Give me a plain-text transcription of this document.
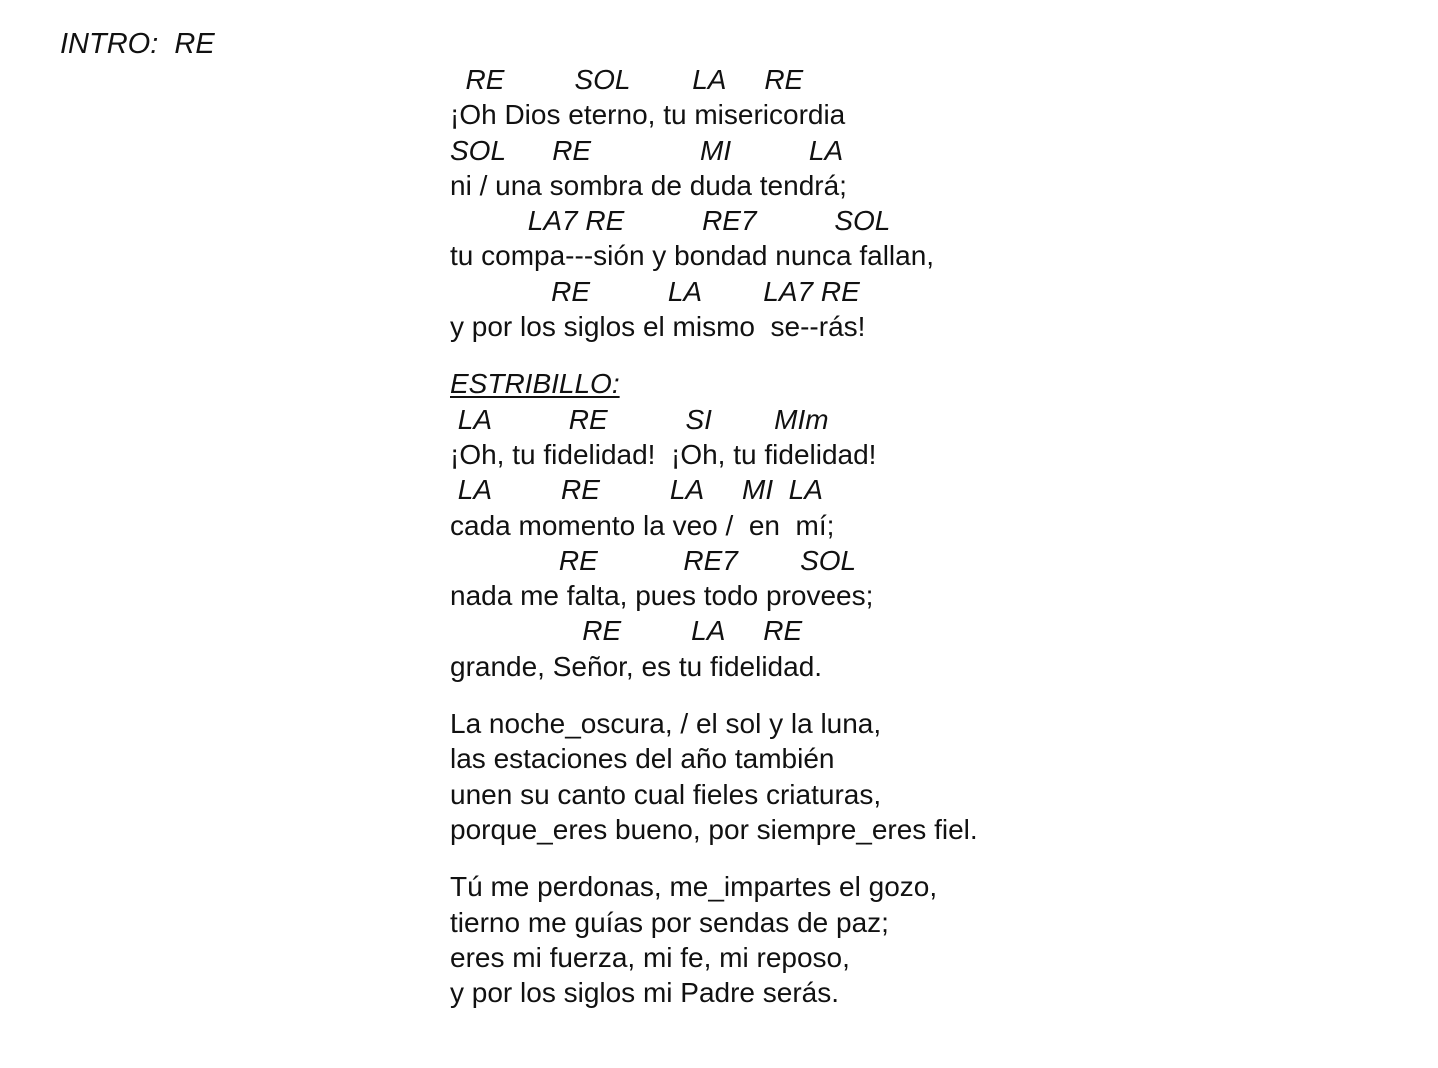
INTRO:  RE
RE         SOL        LA     RE
¡Oh Dios eterno, tu misericordia
SOL      RE              MI          LA
ni / una sombra de duda tendrá;
LA7 RE          RE7          SOL
tu compa---sión y bondad nunca fallan,
RE          LA        LA7 RE
y por los siglos el mismo  se--rás!
ESTRIBILLO:
LA          RE          SI        MIm
¡Oh, tu fidelidad!  ¡Oh, tu fidelidad!
LA         RE         LA     MI  LA
cada momento la veo /  en  mí;
RE           RE7        SOL
nada me falta, pues todo provees;
RE         LA     RE
grande, Señor, es tu fidelidad.
La noche_oscura, / el sol y la luna,
las estaciones del año también
unen su canto cual fieles criaturas,
porque_eres bueno, por siempre_eres fiel.
Tú me perdonas, me_impartes el gozo,
tierno me guías por sendas de paz;
eres mi fuerza, mi fe, mi reposo,
y por los siglos mi Padre serás.
